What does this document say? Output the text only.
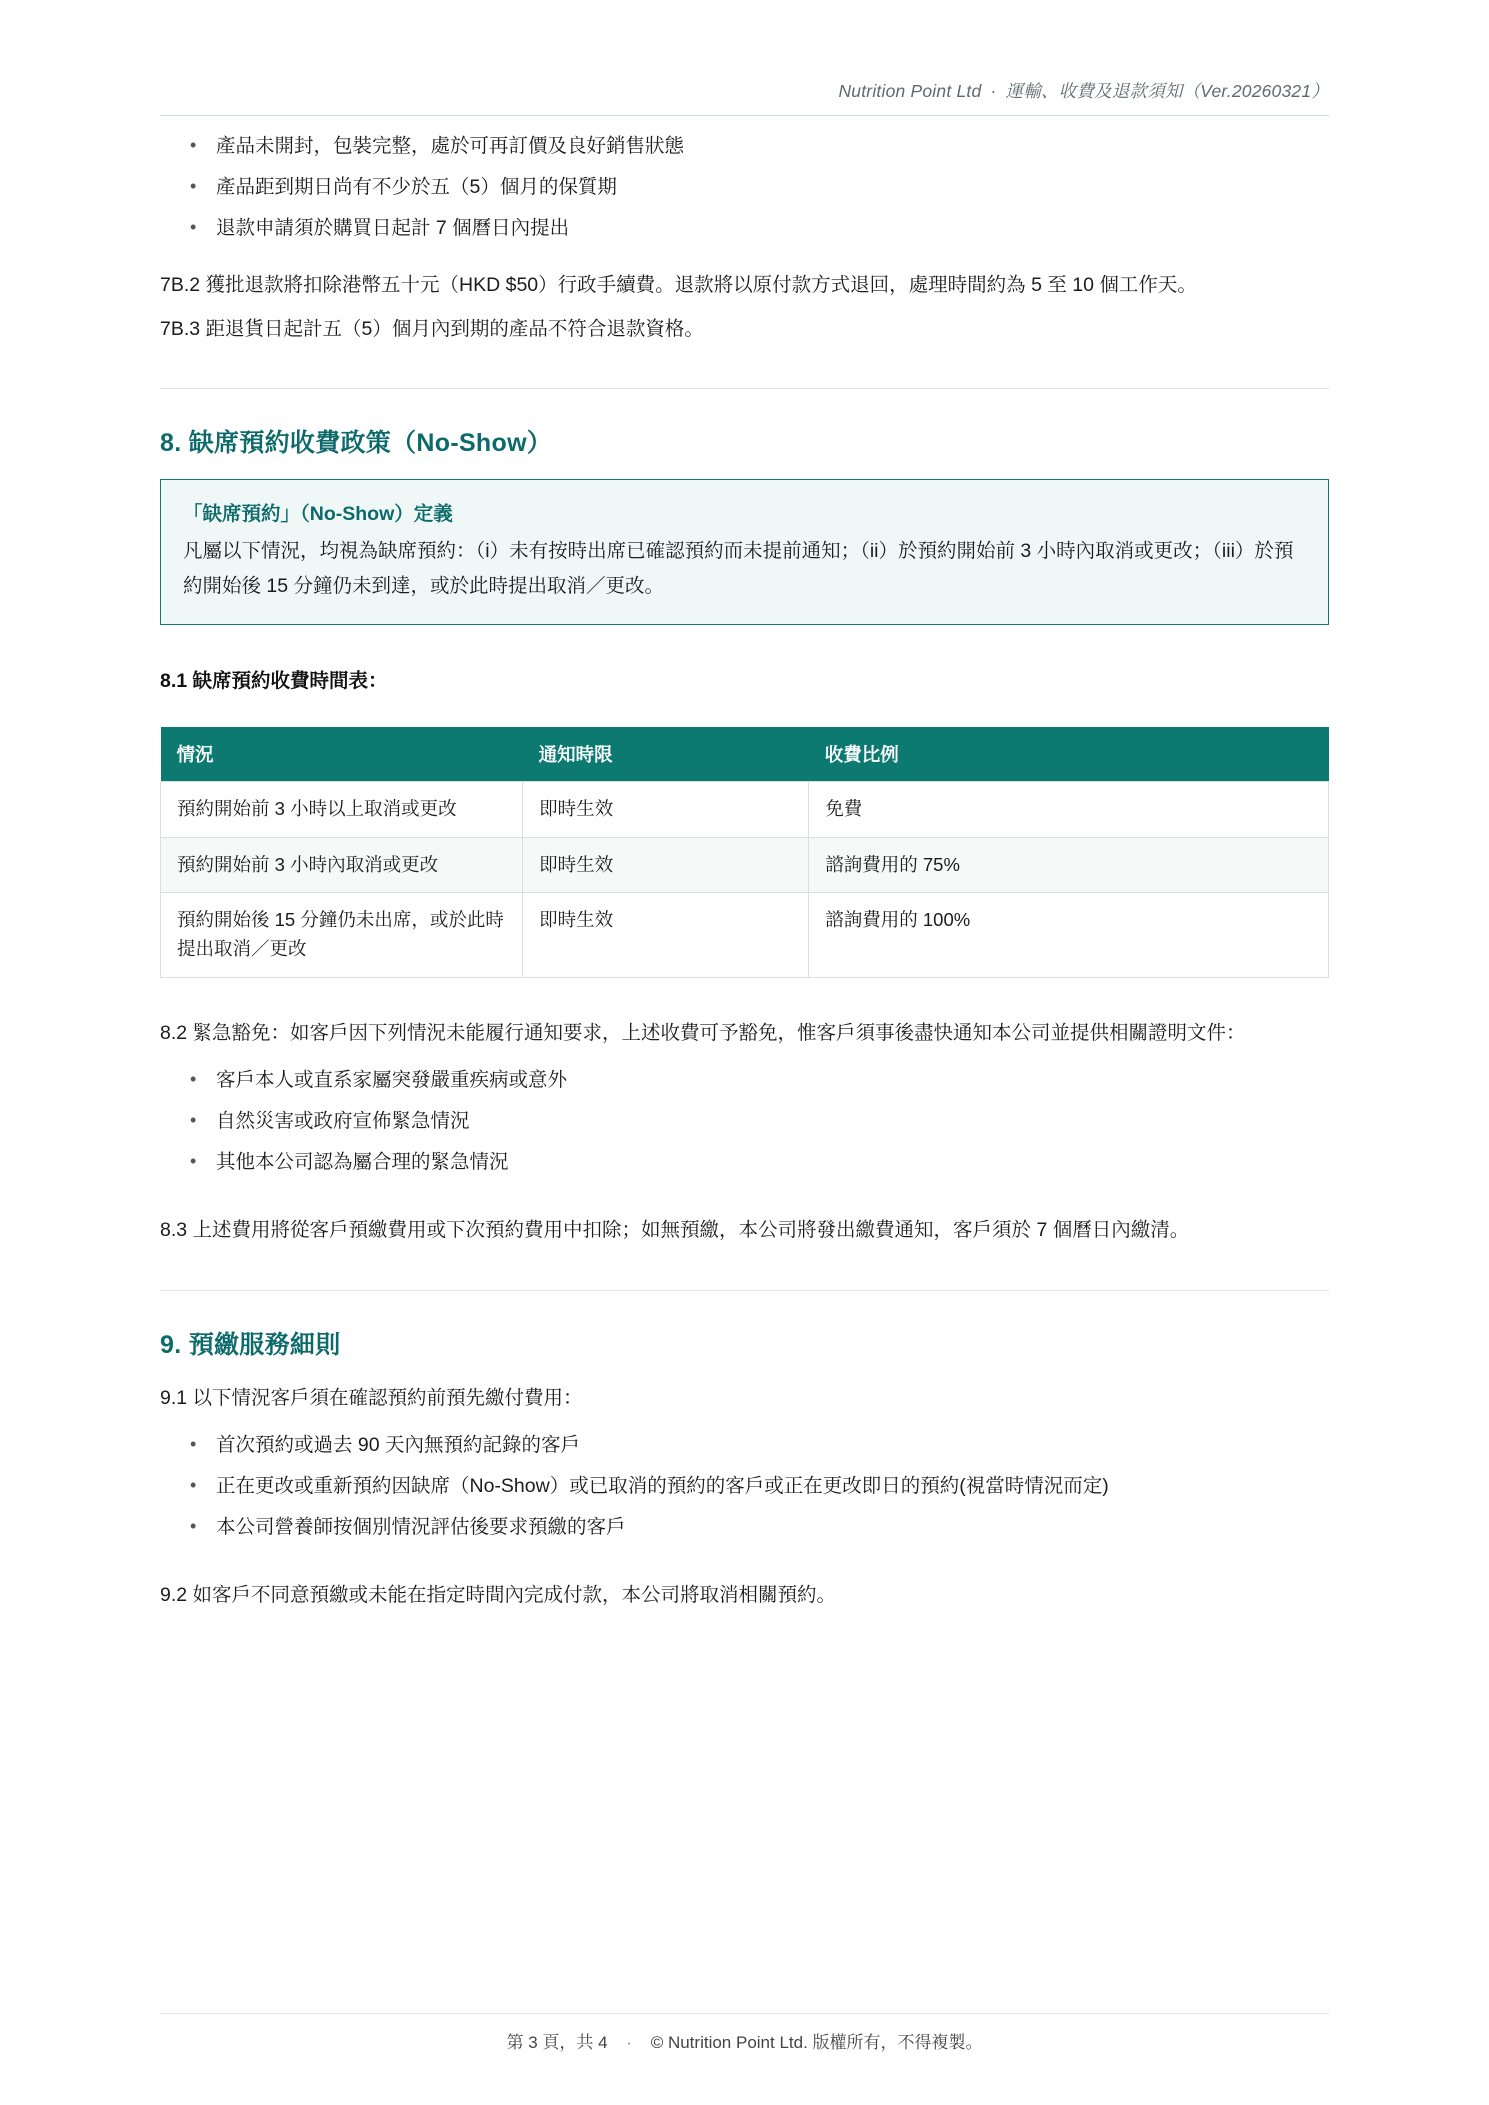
Nutrition Point Ltd · 運輸、收費及退款須知（Ver.20260321）
• 產品未開封，包裝完整，處於可再訂價及良好銷售狀態
• 產品距到期日尚有不少於五（5）個月的保質期
• 退款申請須於購買日起計 7 個曆日內提出

7B.2 獲批退款將扣除港幣五十元（HKD $50）行政手續費。退款將以原付款方式退回，處理時間約為 5 至 10 個工作天。

7B.3 距退貨日起計五（5）個月內到期的產品不符合退款資格。

8. 缺席預約收費政策（No-Show）
「缺席預約」（No-Show）定義
凡屬以下情況，均視為缺席預約：（i）未有按時出席已確認預約而未提前通知；（ii）於預約開始前 3 小時內取消或更改；（iii）於預約開始後 15 分鐘仍未到達，或於此時提出取消／更改。

8.1 缺席預約收費時間表：

情況	通知時限	收費比例
預約開始前 3 小時以上取消或更改	即時生效	免費
預約開始前 3 小時內取消或更改	即時生效	諮詢費用的 75%
預約開始後 15 分鐘仍未出席，或於此時提出取消／更改	即時生效	諮詢費用的 100%

8.2 緊急豁免：如客戶因下列情況未能履行通知要求，上述收費可予豁免，惟客戶須事後盡快通知本公司並提供相關證明文件：

• 客戶本人或直系家屬突發嚴重疾病或意外
• 自然災害或政府宣佈緊急情況
• 其他本公司認為屬合理的緊急情況

8.3 上述費用將從客戶預繳費用或下次預約費用中扣除；如無預繳，本公司將發出繳費通知，客戶須於 7 個曆日內繳清。

9. 預繳服務細則

9.1 以下情況客戶須在確認預約前預先繳付費用：

• 首次預約或過去 90 天內無預約記錄的客戶
• 正在更改或重新預約因缺席（No-Show）或已取消的預約的客戶或正在更改即日的預約(視當時情況而定)
• 本公司營養師按個別情況評估後要求預繳的客戶

9.2 如客戶不同意預繳或未能在指定時間內完成付款，本公司將取消相關預約。

第 3 頁，共 4 · © Nutrition Point Ltd. 版權所有，不得複製。
